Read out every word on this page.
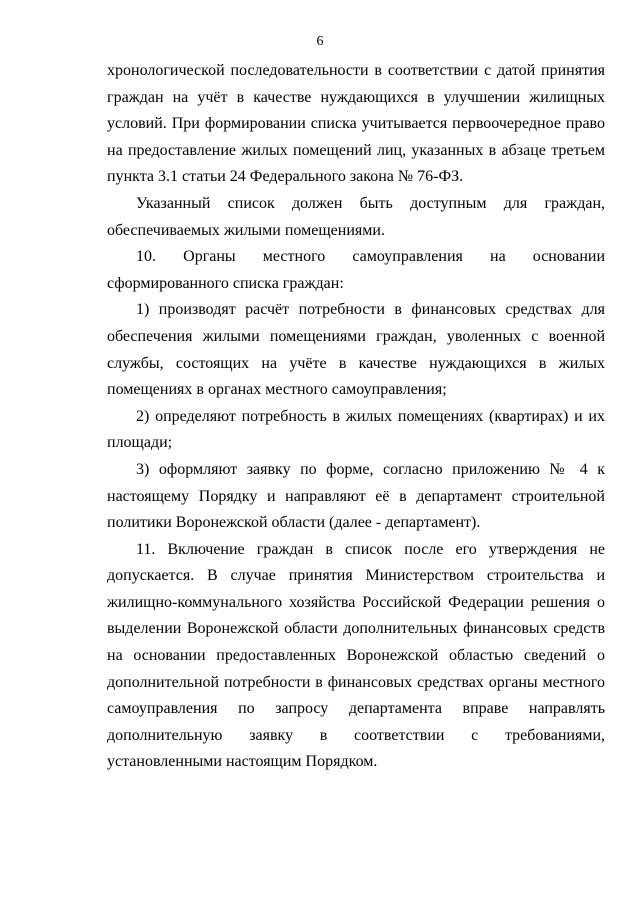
6

хронологической последовательности в соответствии с датой принятия граждан на учёт в качестве нуждающихся в улучшении жилищных условий. При формировании списка учитывается первоочередное право на предоставление жилых помещений лиц, указанных в абзаце третьем пункта 3.1 статьи 24 Федерального закона № 76-ФЗ.

Указанный список должен быть доступным для граждан, обеспечиваемых жилыми помещениями.

10. Органы местного самоуправления на основании сформированного списка граждан:

1) производят расчёт потребности в финансовых средствах для обеспечения жилыми помещениями граждан, уволенных с военной службы, состоящих на учёте в качестве нуждающихся в жилых помещениях в органах местного самоуправления;

2) определяют потребность в жилых помещениях (квартирах) и их площади;

3) оформляют заявку по форме, согласно приложению № 4 к настоящему Порядку и направляют её в департамент строительной политики Воронежской области (далее - департамент).

11. Включение граждан в список после его утверждения не допускается. В случае принятия Министерством строительства и жилищно-коммунального хозяйства Российской Федерации решения о выделении Воронежской области дополнительных финансовых средств на основании предоставленных Воронежской областью сведений о дополнительной потребности в финансовых средствах органы местного самоуправления по запросу департамента вправе направлять дополнительную заявку в соответствии с требованиями, установленными настоящим Порядком.
